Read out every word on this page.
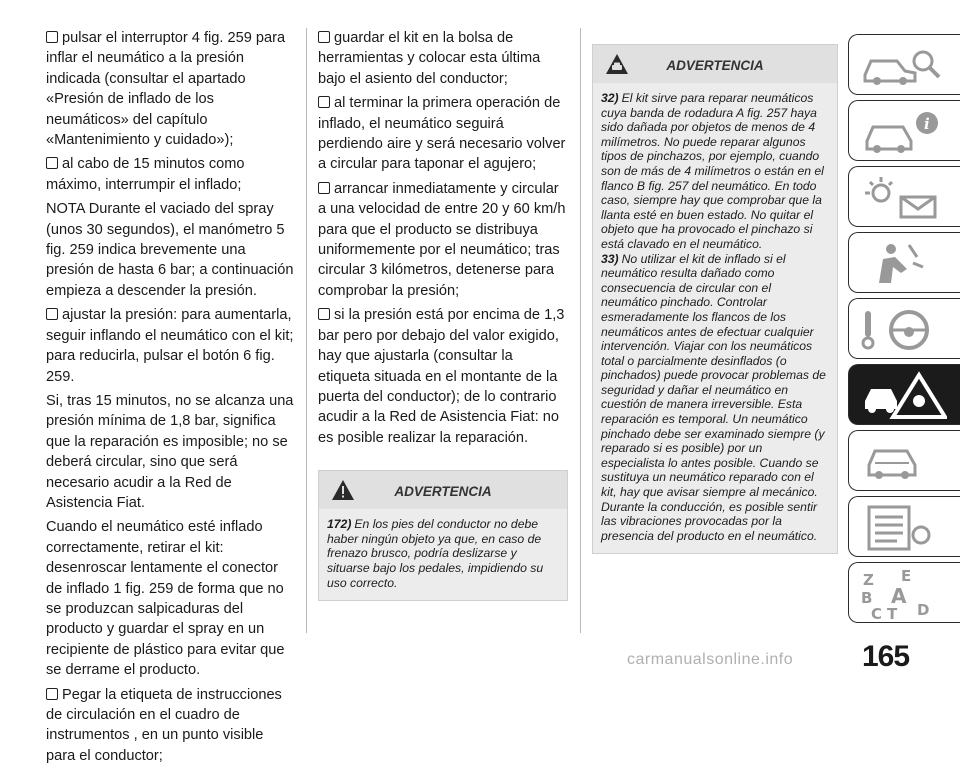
pulsar el interruptor 4 fig. 259 para inflar el neumático a la presión indicada (consultar el apartado «Presión de inflado de los neumáticos» del capítulo «Mantenimiento y cuidado»);
al cabo de 15 minutos como máximo, interrumpir el inflado;
NOTA Durante el vaciado del spray (unos 30 segundos), el manómetro 5 fig. 259 indica brevemente una presión de hasta 6 bar; a continuación empieza a descender la presión.
ajustar la presión: para aumentarla, seguir inflando el neumático con el kit; para reducirla, pulsar el botón 6 fig. 259.
Si, tras 15 minutos, no se alcanza una presión mínima de 1,8 bar, significa que la reparación es imposible; no se deberá circular, sino que será necesario acudir a la Red de Asistencia Fiat.
Cuando el neumático esté inflado correctamente, retirar el kit: desenroscar lentamente el conector de inflado 1 fig. 259 de forma que no se produzcan salpicaduras del producto y guardar el spray en un recipiente de plástico para evitar que se derrame el producto.
Pegar la etiqueta de instrucciones de circulación en el cuadro de instrumentos , en un punto visible para el conductor;
guardar el kit en la bolsa de herramientas y colocar esta última bajo el asiento del conductor;
al terminar la primera operación de inflado, el neumático seguirá perdiendo aire y será necesario volver a circular para taponar el agujero;
arrancar inmediatamente y circular a una velocidad de entre 20 y 60 km/h para que el producto se distribuya uniformemente por el neumático; tras circular 3 kilómetros, detenerse para comprobar la presión;
si la presión está por encima de 1,3 bar pero por debajo del valor exigido, hay que ajustarla (consultar la etiqueta situada en el montante de la puerta del conductor); de lo contrario acudir a la Red de Asistencia Fiat: no es posible realizar la reparación.
ADVERTENCIA
172) En los pies del conductor no debe haber ningún objeto ya que, en caso de frenazo brusco, podría deslizarse y situarse bajo los pedales, impidiendo su uso correcto.
ADVERTENCIA
32) El kit sirve para reparar neumáticos cuya banda de rodadura A fig. 257 haya sido dañada por objetos de menos de 4 milímetros. No puede reparar algunos tipos de pinchazos, por ejemplo, cuando son de más de 4 milímetros o están en el flanco B fig. 257 del neumático. En todo caso, siempre hay que comprobar que la llanta esté en buen estado. No quitar el objeto que ha provocado el pinchazo si está clavado en el neumático.
33) No utilizar el kit de inflado si el neumático resulta dañado como consecuencia de circular con el neumático pinchado. Controlar esmeradamente los flancos de los neumáticos antes de efectuar cualquier intervención. Viajar con los neumáticos total o parcialmente desinflados (o pinchados) puede provocar problemas de seguridad y dañar el neumático en cuestión de manera irreversible. Esta reparación es temporal. Un neumático pinchado debe ser examinado siempre (y reparado si es posible) por un especialista lo antes posible. Cuando se sustituya un neumático reparado con el kit, hay que avisar siempre al mecánico. Durante la conducción, es posible sentir las vibraciones provocadas por la presencia del producto en el neumático.
i
Z E
B A
C T D
165
carmanualsonline.info
